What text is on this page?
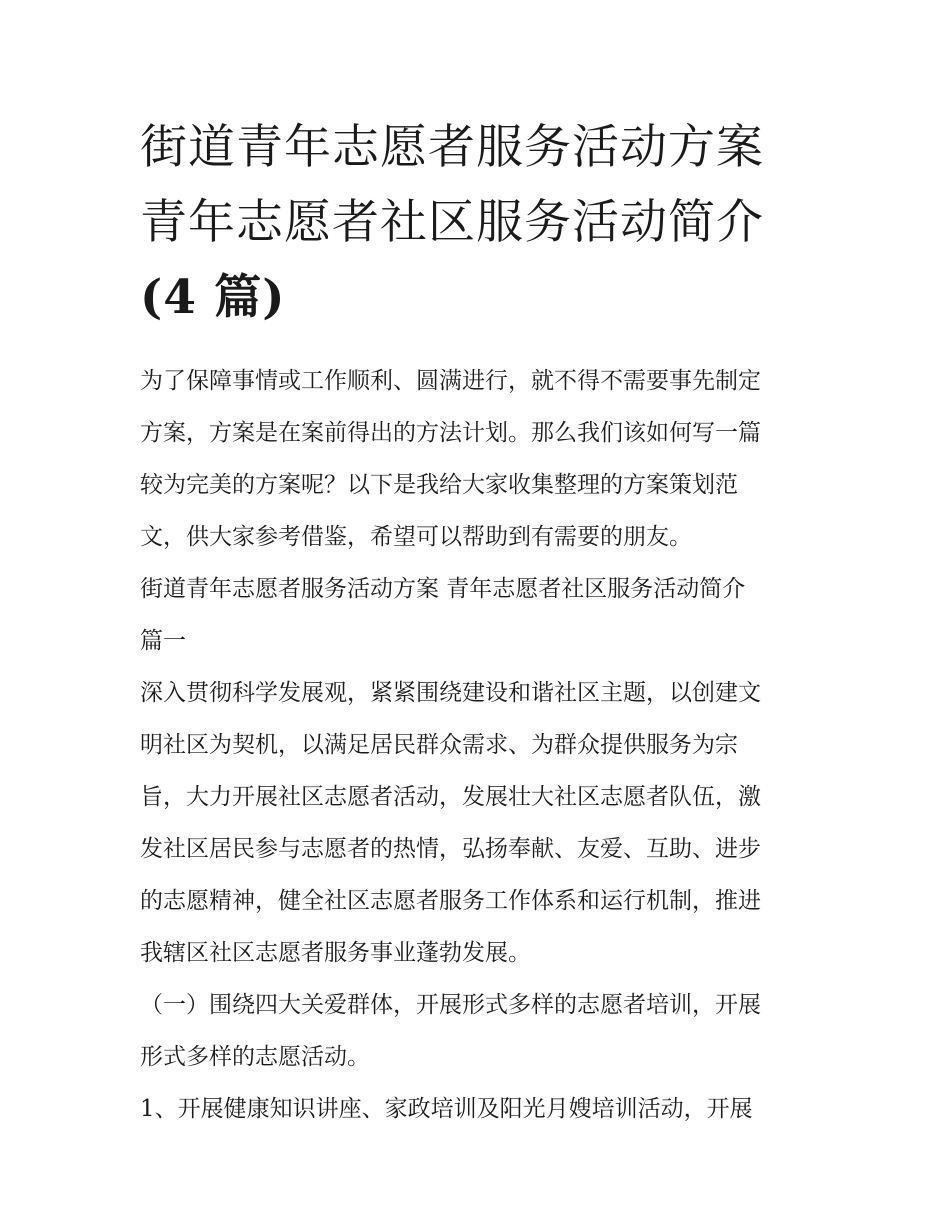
街道青年志愿者服务活动方案
青年志愿者社区服务活动简介
(4 篇)

为了保障事情或工作顺利、圆满进行，就不得不需要事先制定

方案，方案是在案前得出的方法计划。那么我们该如何写一篇

较为完美的方案呢？以下是我给大家收集整理的方案策划范

文，供大家参考借鉴，希望可以帮助到有需要的朋友。

街道青年志愿者服务活动方案 青年志愿者社区服务活动简介

篇一

深入贯彻科学发展观，紧紧围绕建设和谐社区主题，以创建文

明社区为契机，以满足居民群众需求、为群众提供服务为宗

旨，大力开展社区志愿者活动，发展壮大社区志愿者队伍，激

发社区居民参与志愿者的热情，弘扬奉献、友爱、互助、进步

的志愿精神，健全社区志愿者服务工作体系和运行机制，推进

我辖区社区志愿者服务事业蓬勃发展。

（一）围绕四大关爱群体，开展形式多样的志愿者培训，开展

形式多样的志愿活动。

1、开展健康知识讲座、家政培训及阳光月嫂培训活动，开展
